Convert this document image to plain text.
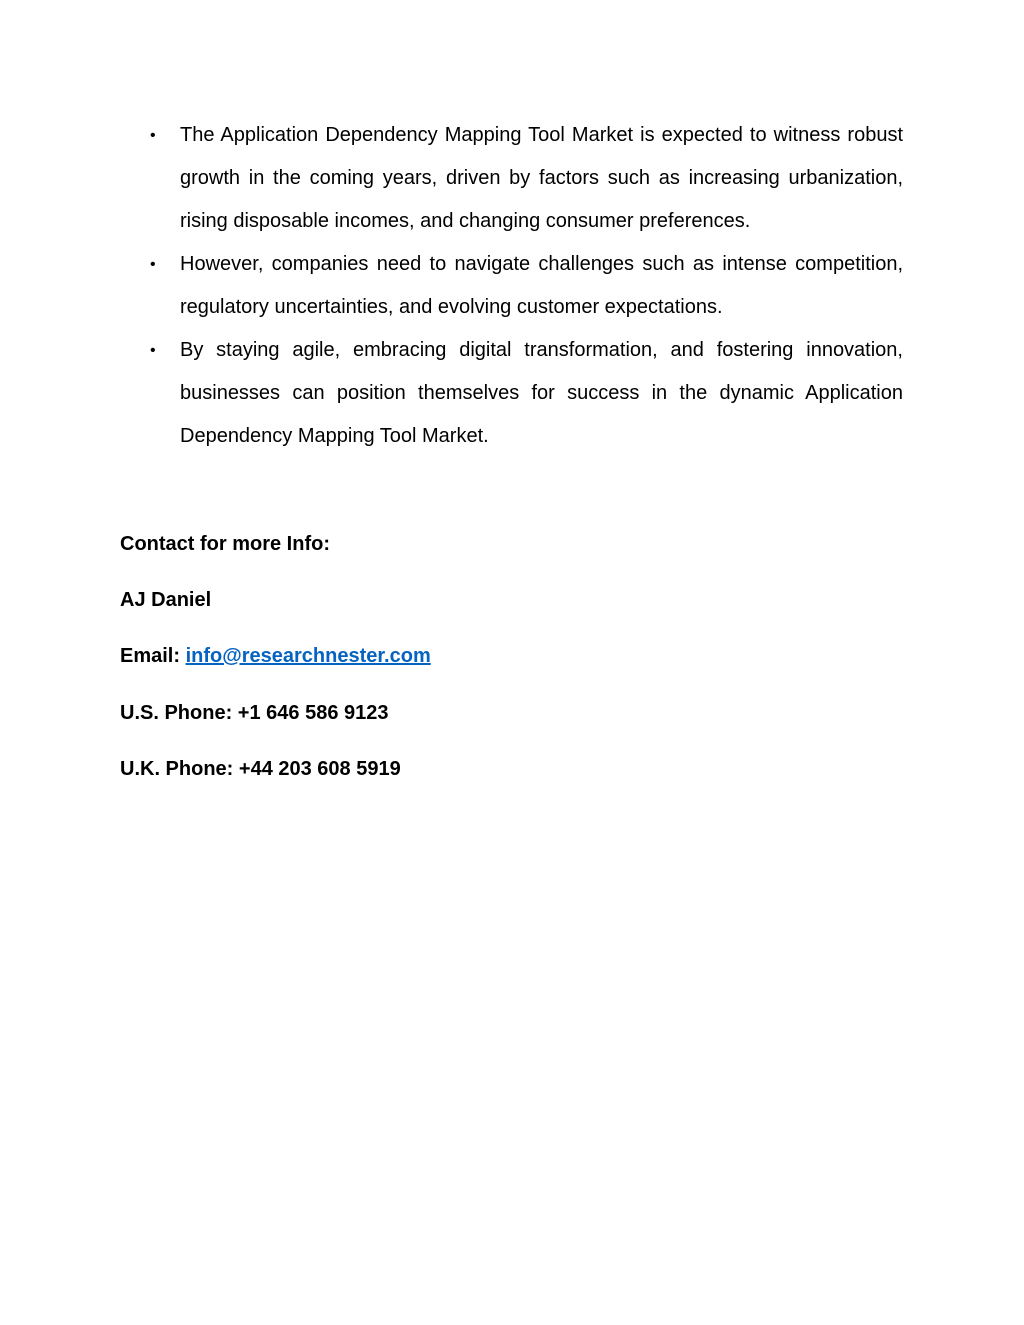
• The Application Dependency Mapping Tool Market is expected to witness robust growth in the coming years, driven by factors such as increasing urbanization, rising disposable incomes, and changing consumer preferences.
• However, companies need to navigate challenges such as intense competition, regulatory uncertainties, and evolving customer expectations.
• By staying agile, embracing digital transformation, and fostering innovation, businesses can position themselves for success in the dynamic Application Dependency Mapping Tool Market.
Contact for more Info:
AJ Daniel
Email: info@researchnester.com
U.S. Phone: +1 646 586 9123
U.K. Phone: +44 203 608 5919
